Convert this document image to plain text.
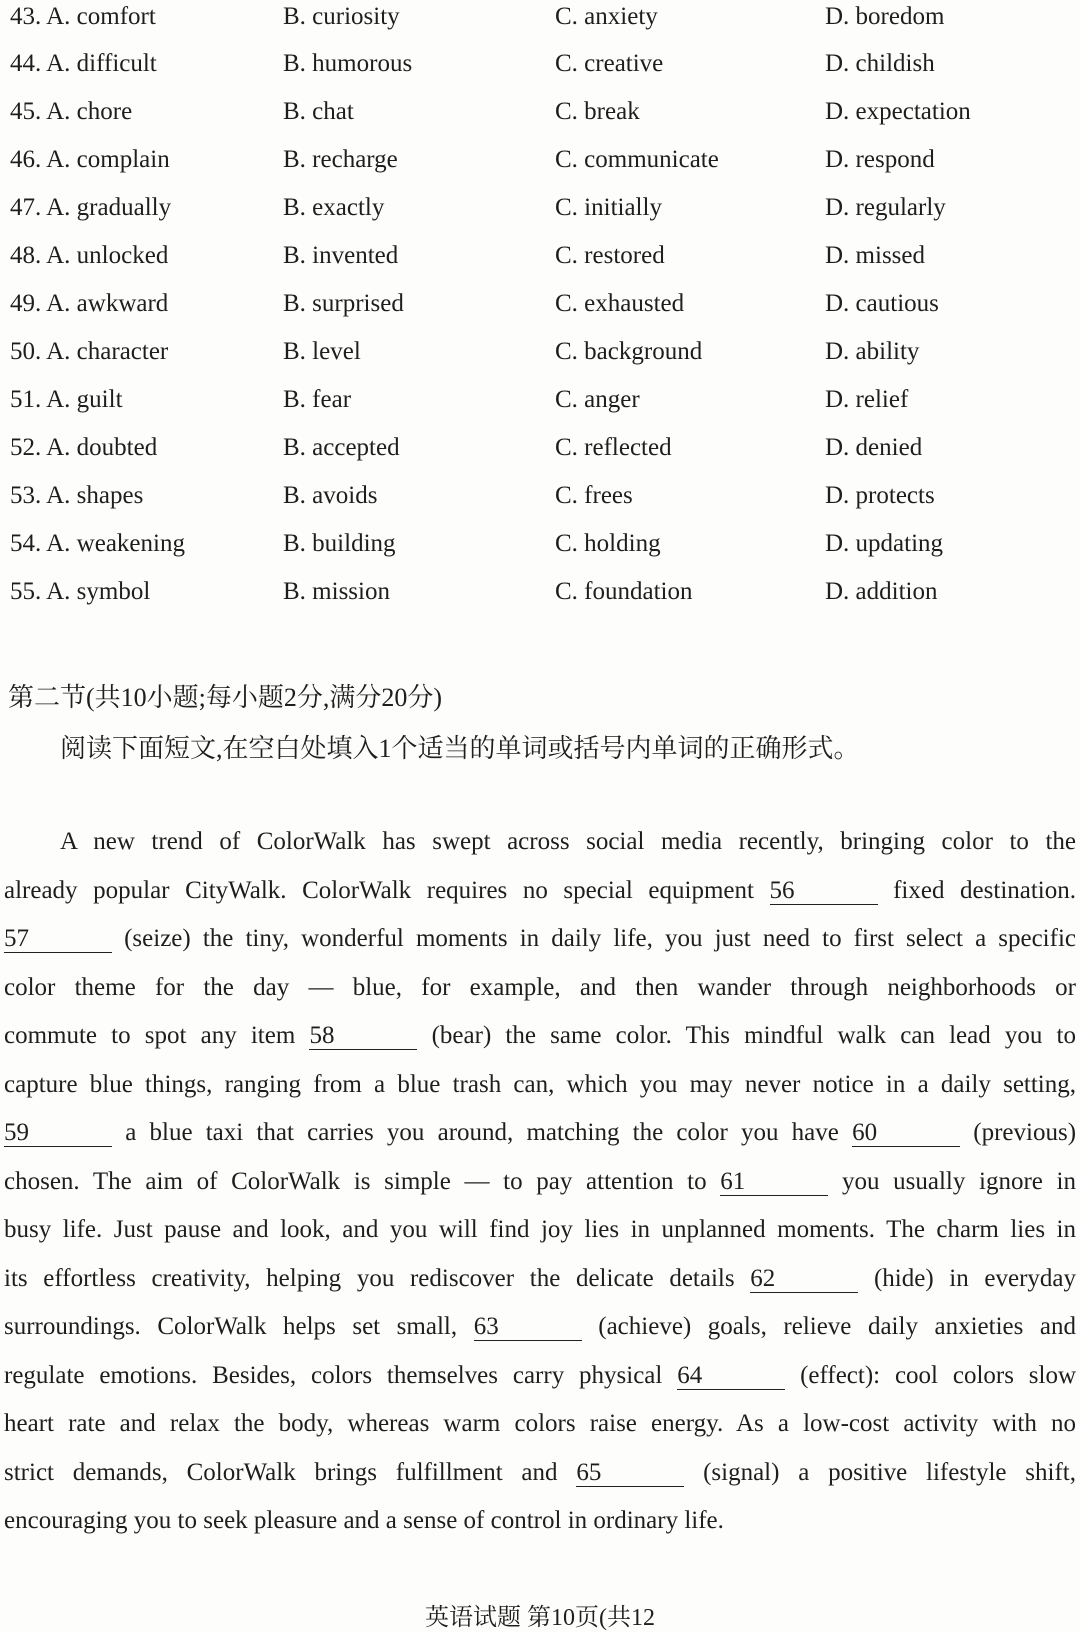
43. A. comfort	B. curiosity	C. anxiety	D. boredom
44. A. difficult	B. humorous	C. creative	D. childish
45. A. chore	B. chat	C. break	D. expectation
46. A. complain	B. recharge	C. communicate	D. respond
47. A. gradually	B. exactly	C. initially	D. regularly
48. A. unlocked	B. invented	C. restored	D. missed
49. A. awkward	B. surprised	C. exhausted	D. cautious
50. A. character	B. level	C. background	D. ability
51. A. guilt	B. fear	C. anger	D. relief
52. A. doubted	B. accepted	C. reflected	D. denied
53. A. shapes	B. avoids	C. frees	D. protects
54. A. weakening	B. building	C. holding	D. updating
55. A. symbol	B. mission	C. foundation	D. addition
第二节(共10小题;每小题2分,满分20分)
阅读下面短文,在空白处填入1个适当的单词或括号内单词的正确形式。
A new trend of ColorWalk has swept across social media recently, bringing color to the
already popular CityWalk. ColorWalk requires no special equipment 56	fixed destination.
57	(seize) the tiny, wonderful moments in daily life, you just need to first select a specific
color theme for the day — blue, for example, and then wander through neighborhoods or
commute to spot any item 58	(bear) the same color. This mindful walk can lead you to
capture blue things, ranging from a blue trash can, which you may never notice in a daily setting,
59	a blue taxi that carries you around, matching the color you have 60	(previous)
chosen. The aim of ColorWalk is simple — to pay attention to 61	you usually ignore in
busy life. Just pause and look, and you will find joy lies in unplanned moments. The charm lies in
its effortless creativity, helping you rediscover the delicate details 62	(hide) in everyday
surroundings. ColorWalk helps set small, 63	(achieve) goals, relieve daily anxieties and
regulate emotions. Besides, colors themselves carry physical 64	(effect): cool colors slow
heart rate and relax the body, whereas warm colors raise energy. As a low-cost activity with no
strict demands, ColorWalk brings fulfillment and 65	(signal) a positive lifestyle shift,
encouraging you to seek pleasure and a sense of control in ordinary life.
英语试题 第10页(共12
